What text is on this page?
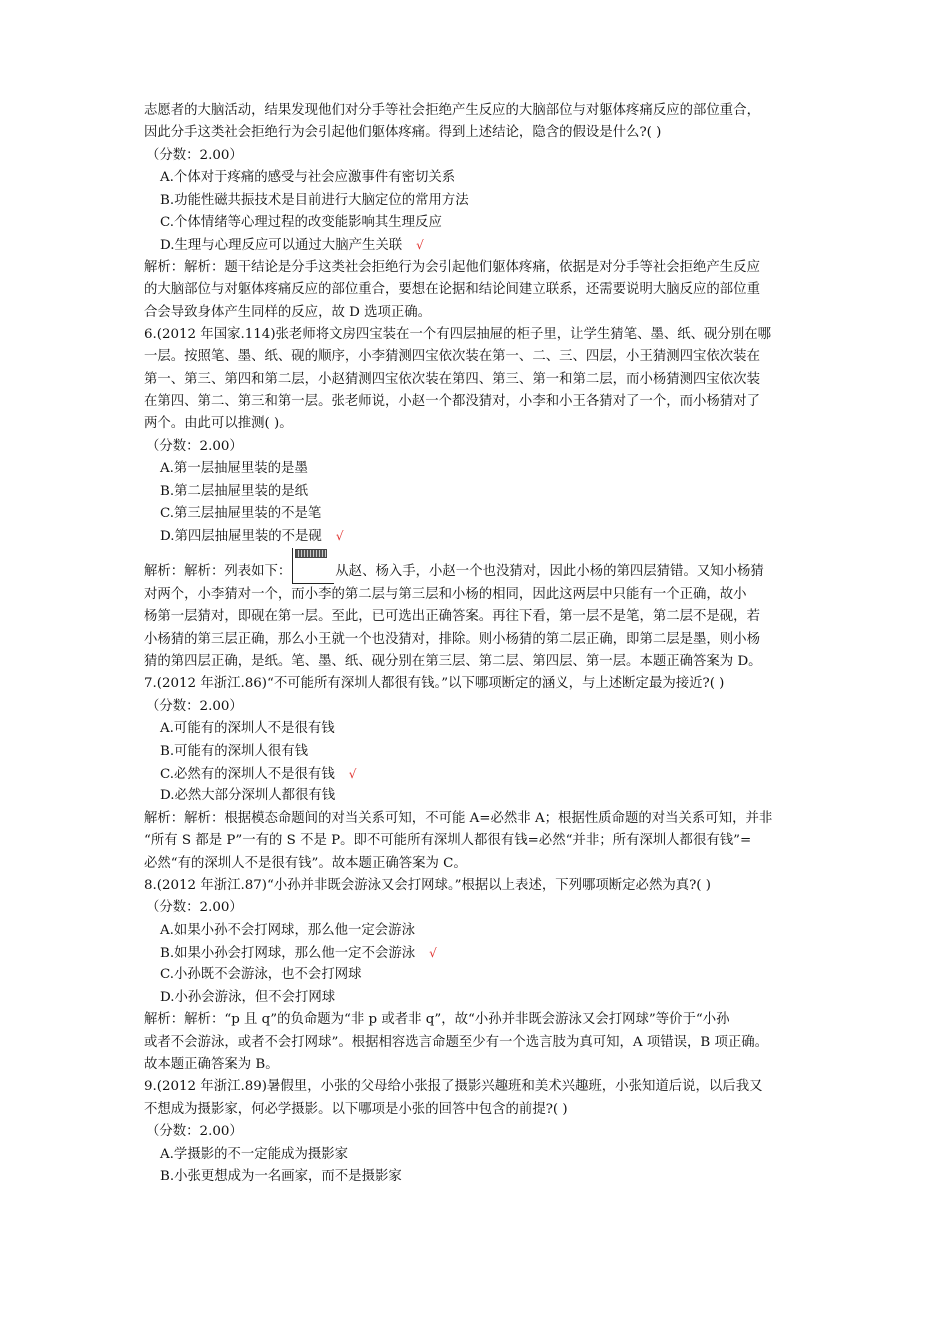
志愿者的大脑活动，结果发现他们对分手等社会拒绝产生反应的大脑部位与对躯体疼痛反应的部位重合，
因此分手这类社会拒绝行为会引起他们躯体疼痛。得到上述结论，隐含的假设是什么?( )
（分数：2.00）
A.个体对于疼痛的感受与社会应激事件有密切关系
B.功能性磁共振技术是目前进行大脑定位的常用方法
C.个体情绪等心理过程的改变能影响其生理反应
D.生理与心理反应可以通过大脑产生关联 √
解析：解析：题干结论是分手这类社会拒绝行为会引起他们躯体疼痛，依据是对分手等社会拒绝产生反应
的大脑部位与对躯体疼痛反应的部位重合，要想在论据和结论间建立联系，还需要说明大脑反应的部位重
合会导致身体产生同样的反应，故 D 选项正确。
6.(2012 年国家.114)张老师将文房四宝装在一个有四层抽屉的柜子里，让学生猜笔、墨、纸、砚分别在哪
一层。按照笔、墨、纸、砚的顺序，小李猜测四宝依次装在第一、二、三、四层，小王猜测四宝依次装在
第一、第三、第四和第二层，小赵猜测四宝依次装在第四、第三、第一和第二层，而小杨猜测四宝依次装
在第四、第二、第三和第一层。张老师说，小赵一个都没猜对，小李和小王各猜对了一个，而小杨猜对了
两个。由此可以推测( )。
（分数：2.00）
A.第一层抽屉里装的是墨
B.第二层抽屉里装的是纸
C.第三层抽屉里装的不是笔
D.第四层抽屉里装的不是砚 √
解析：解析：列表如下：	从赵、杨入手，小赵一个也没猜对，因此小杨的第四层猜错。又知小杨猜
对两个，小李猜对一个，而小李的第二层与第三层和小杨的相同，因此这两层中只能有一个正确，故小
杨第一层猜对，即砚在第一层。至此，已可选出正确答案。再往下看，第一层不是笔，第二层不是砚，若
小杨猜的第三层正确，那么小王就一个也没猜对，排除。则小杨猜的第二层正确，即第二层是墨，则小杨
猜的第四层正确，是纸。笔、墨、纸、砚分别在第三层、第二层、第四层、第一层。本题正确答案为 D。
7.(2012 年浙江.86)“不可能所有深圳人都很有钱。”以下哪项断定的涵义，与上述断定最为接近?( )
（分数：2.00）
A.可能有的深圳人不是很有钱
B.可能有的深圳人很有钱
C.必然有的深圳人不是很有钱 √
D.必然大部分深圳人都很有钱
解析：解析：根据模态命题间的对当关系可知，不可能 A=必然非 A；根据性质命题的对当关系可知，并非
“所有 S 都是 P”一有的 S 不是 P。即不可能所有深圳人都很有钱=必然“并非；所有深圳人都很有钱”=
必然“有的深圳人不是很有钱”。故本题正确答案为 C。
8.(2012 年浙江.87)“小孙并非既会游泳又会打网球。”根据以上表述，下列哪项断定必然为真?( )
（分数：2.00）
A.如果小孙不会打网球，那么他一定会游泳
B.如果小孙会打网球，那么他一定不会游泳 √
C.小孙既不会游泳，也不会打网球
D.小孙会游泳，但不会打网球
解析：解析：“p 且 q”的负命题为“非 p 或者非 q”，故“小孙并非既会游泳又会打网球”等价于“小孙
或者不会游泳，或者不会打网球”。根据相容选言命题至少有一个选言肢为真可知，A 项错误，B 项正确。
故本题正确答案为 B。
9.(2012 年浙江.89)暑假里，小张的父母给小张报了摄影兴趣班和美术兴趣班，小张知道后说，以后我又
不想成为摄影家，何必学摄影。以下哪项是小张的回答中包含的前提?( )
（分数：2.00）
A.学摄影的不一定能成为摄影家
B.小张更想成为一名画家，而不是摄影家
